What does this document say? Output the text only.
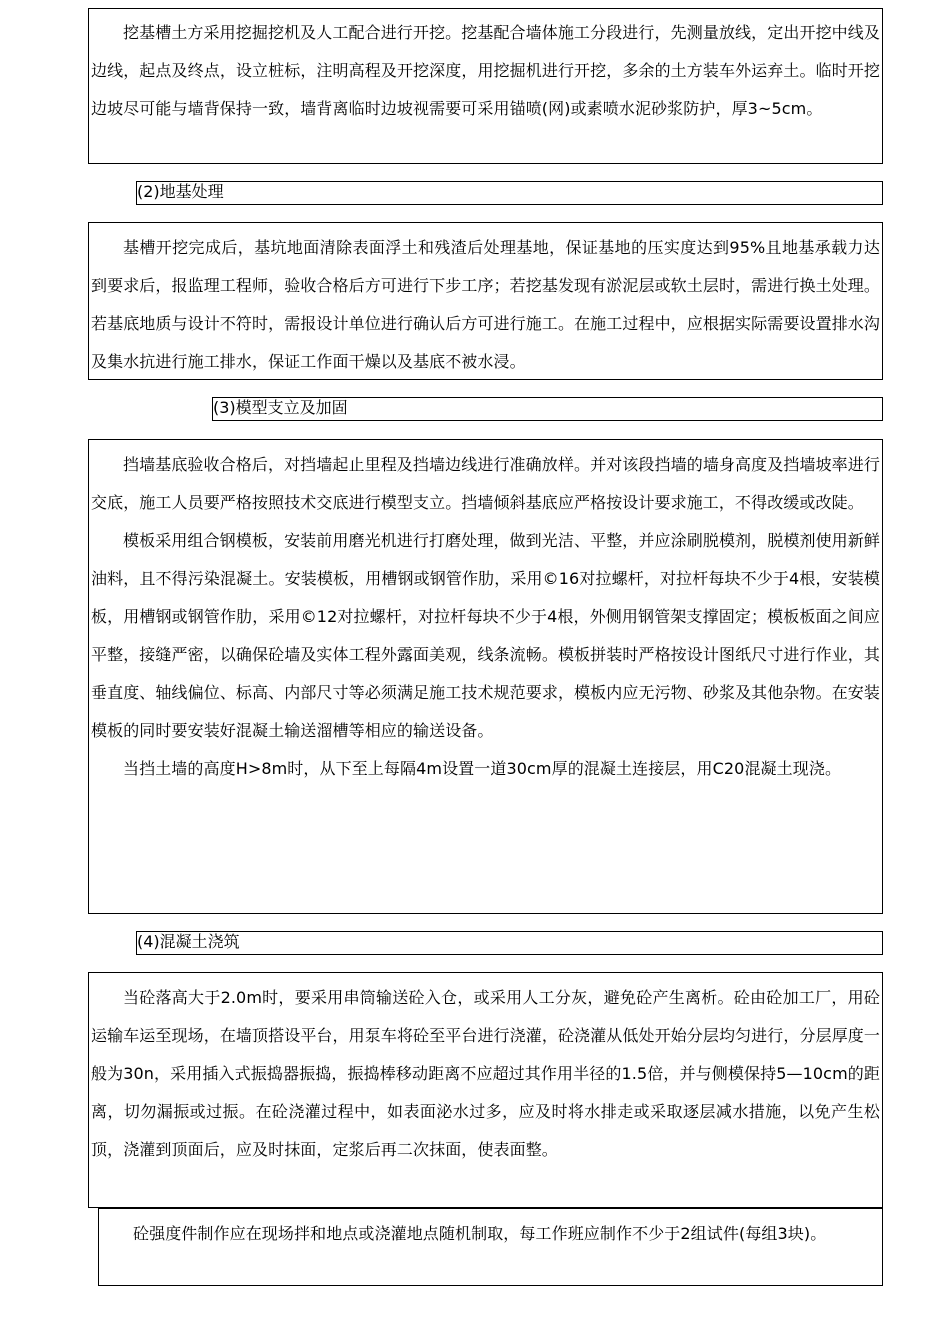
挖基槽土方采用挖掘挖机及人工配合进行开挖。挖基配合墙体施工分段进行，先测量放线，定出开挖中线及边线，起点及终点，设立桩标，注明高程及开挖深度，用挖掘机进行开挖，多余的土方装车外运弃土。临时开挖边坡尽可能与墙背保持一致，墙背离临时边坡视需要可采用锚喷(网)或素喷水泥砂浆防护，厚3~5cm。

(2)地基处理

基槽开挖完成后，基坑地面清除表面浮土和残渣后处理基地，保证基地的压实度达到95%且地基承载力达到要求后，报监理工程师，验收合格后方可进行下步工序；若挖基发现有淤泥层或软土层时，需进行换土处理。若基底地质与设计不符时，需报设计单位进行确认后方可进行施工。在施工过程中，应根据实际需要设置排水沟及集水抗进行施工排水，保证工作面干燥以及基底不被水浸。

(3)模型支立及加固

挡墙基底验收合格后，对挡墙起止里程及挡墙边线进行准确放样。并对该段挡墙的墙身高度及挡墙坡率进行交底，施工人员要严格按照技术交底进行模型支立。挡墙倾斜基底应严格按设计要求施工，不得改缓或改陡。

模板采用组合钢模板，安装前用磨光机进行打磨处理，做到光洁、平整，并应涂刷脱模剂，脱模剂使用新鲜油料，且不得污染混凝土。安装模板，用槽钢或钢管作肋，采用©16对拉螺杆，对拉杆每块不少于4根，安装模板，用槽钢或钢管作肋，采用©12对拉螺杆，对拉杆每块不少于4根，外侧用钢管架支撑固定；模板板面之间应平整，接缝严密，以确保砼墙及实体工程外露面美观，线条流畅。模板拼装时严格按设计图纸尺寸进行作业，其垂直度、轴线偏位、标高、内部尺寸等必须满足施工技术规范要求，模板内应无污物、砂浆及其他杂物。在安装模板的同时要安装好混凝土输送溜槽等相应的输送设备。

当挡土墙的高度H>8m时，从下至上每隔4m设置一道30cm厚的混凝土连接层，用C20混凝土现浇。

(4)混凝土浇筑

当砼落高大于2.0m时，要采用串筒输送砼入仓，或采用人工分灰，避免砼产生离析。砼由砼加工厂，用砼运输车运至现场，在墙顶搭设平台，用泵车将砼至平台进行浇灌，砼浇灌从低处开始分层均匀进行，分层厚度一般为30n，采用插入式振捣器振捣，振捣棒移动距离不应超过其作用半径的1.5倍，并与侧模保持5—10cm的距离，切勿漏振或过振。在砼浇灌过程中，如表面泌水过多，应及时将水排走或采取逐层减水措施，以免产生松顶，浇灌到顶面后，应及时抹面，定浆后再二次抹面，使表面整。

砼强度件制作应在现场拌和地点或浇灌地点随机制取，每工作班应制作不少于2组试件(每组3块)。
